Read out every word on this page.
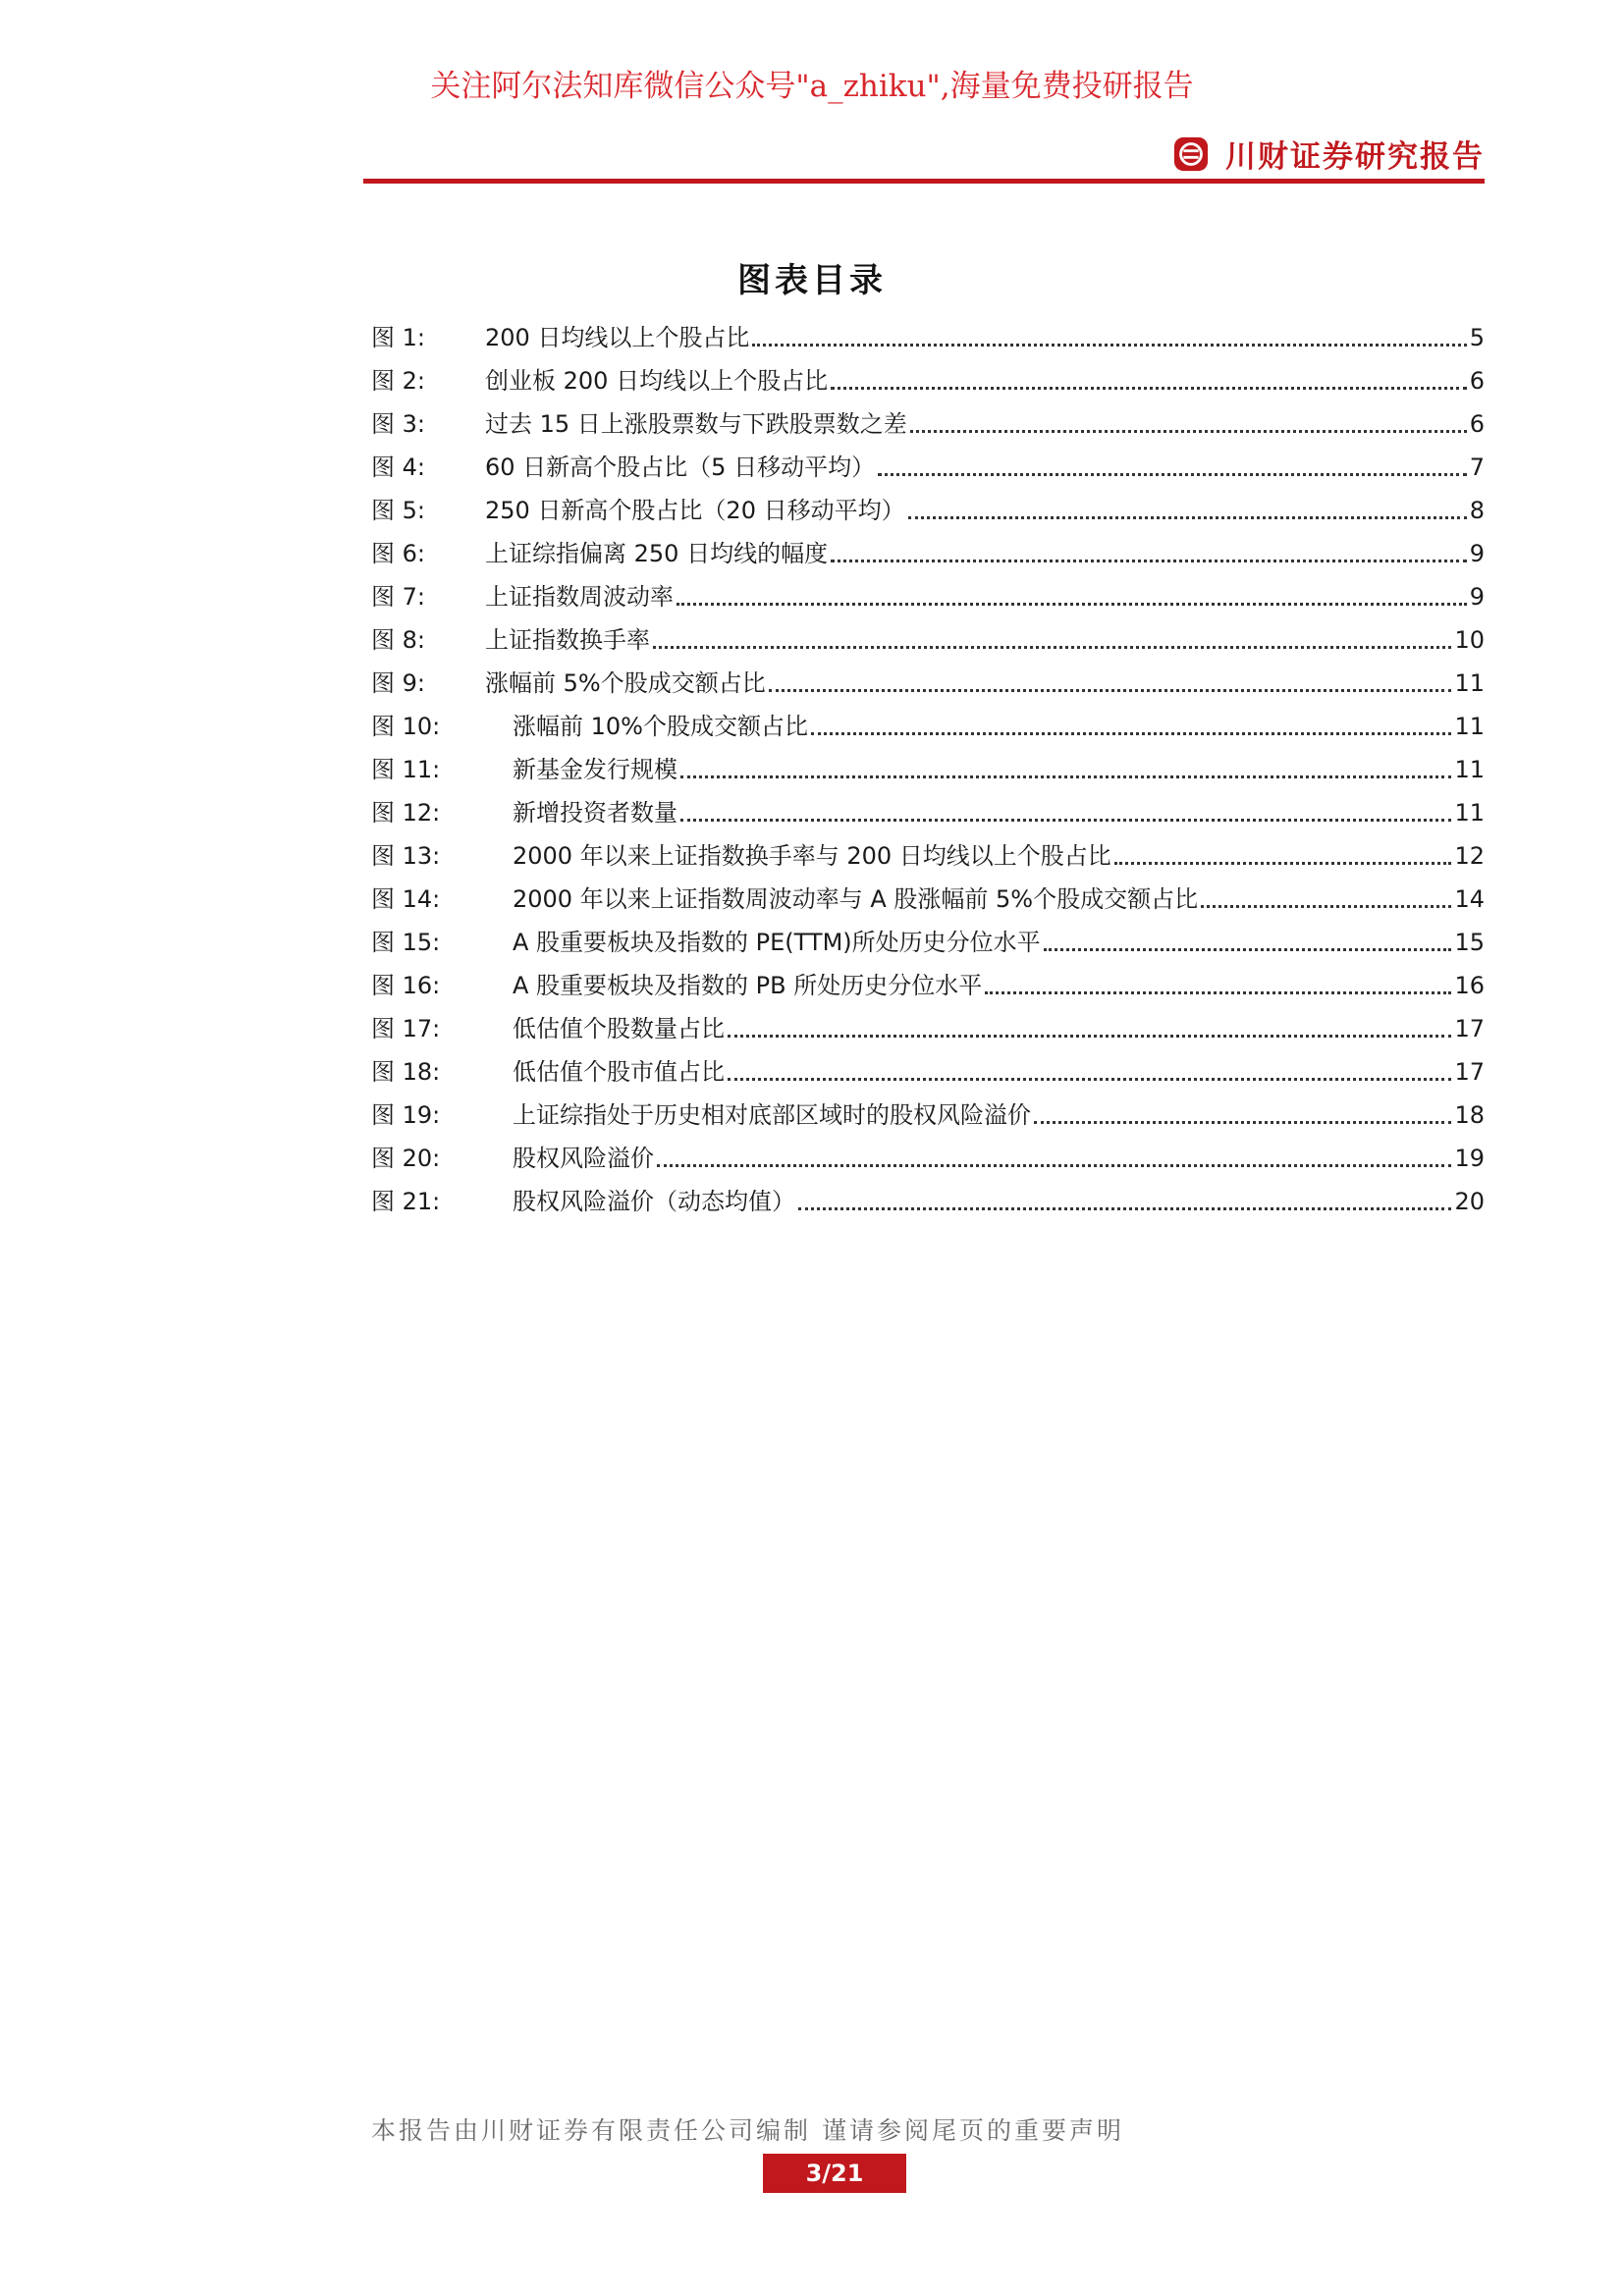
关注阿尔法知库微信公众号"a_zhiku",海量免费投研报告
川财证券研究报告
图表目录
图 1:	200 日均线以上个股占比	5
图 2:	创业板 200 日均线以上个股占比	6
图 3:	过去 15 日上涨股票数与下跌股票数之差	6
图 4:	60 日新高个股占比（5 日移动平均）	7
图 5:	250 日新高个股占比（20 日移动平均）	8
图 6:	上证综指偏离 250 日均线的幅度	9
图 7:	上证指数周波动率	9
图 8:	上证指数换手率	10
图 9:	涨幅前 5%个股成交额占比	11
图 10:	涨幅前 10%个股成交额占比	11
图 11:	新基金发行规模	11
图 12:	新增投资者数量	11
图 13:	2000 年以来上证指数换手率与 200 日均线以上个股占比	12
图 14:	2000 年以来上证指数周波动率与 A 股涨幅前 5%个股成交额占比	14
图 15:	A 股重要板块及指数的 PE(TTM)所处历史分位水平	15
图 16:	A 股重要板块及指数的 PB 所处历史分位水平	16
图 17:	低估值个股数量占比	17
图 18:	低估值个股市值占比	17
图 19:	上证综指处于历史相对底部区域时的股权风险溢价	18
图 20:	股权风险溢价	19
图 21:	股权风险溢价（动态均值）	20
本报告由川财证券有限责任公司编制 谨请参阅尾页的重要声明
3/21
